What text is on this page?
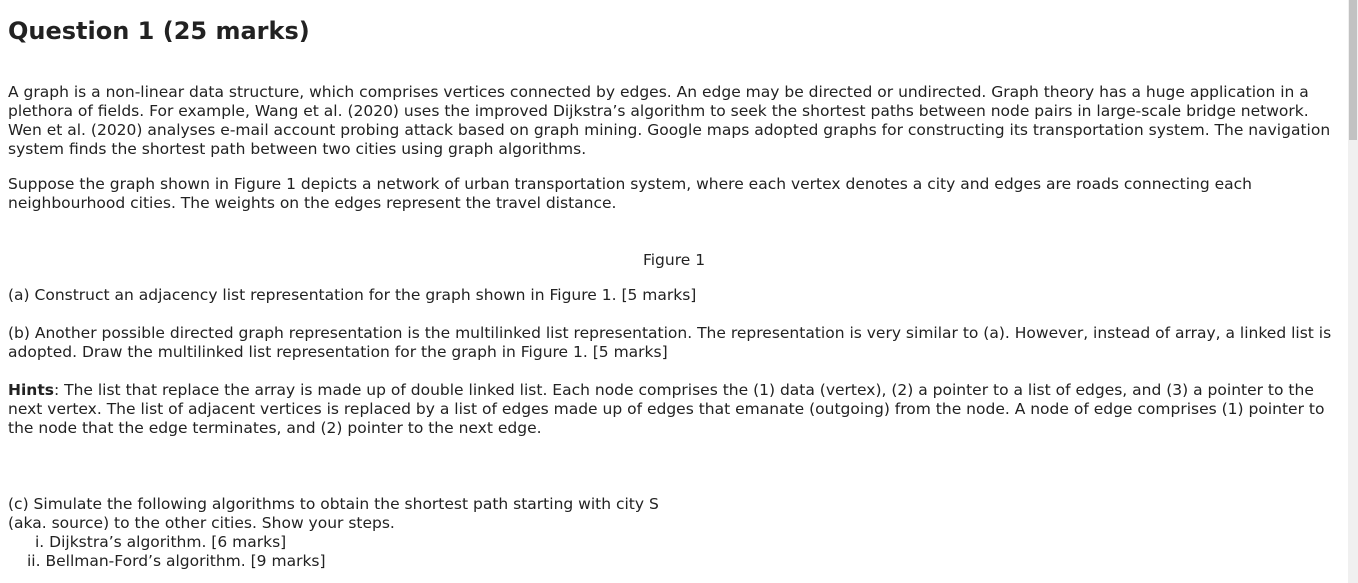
Question 1 (25 marks)

A graph is a non-linear data structure, which comprises vertices connected by edges. An edge may be directed or undirected. Graph theory has a huge application in a plethora of fields. For example, Wang et al. (2020) uses the improved Dijkstra’s algorithm to seek the shortest paths between node pairs in large-scale bridge network. Wen et al. (2020) analyses e-mail account probing attack based on graph mining. Google maps adopted graphs for constructing its transportation system. The navigation system finds the shortest path between two cities using graph algorithms.

Suppose the graph shown in Figure 1 depicts a network of urban transportation system, where each vertex denotes a city and edges are roads connecting each neighbourhood cities. The weights on the edges represent the travel distance.

Figure 1

(a) Construct an adjacency list representation for the graph shown in Figure 1. [5 marks]

(b) Another possible directed graph representation is the multilinked list representation. The representation is very similar to (a). However, instead of array, a linked list is adopted. Draw the multilinked list representation for the graph in Figure 1. [5 marks]

Hints: The list that replace the array is made up of double linked list. Each node comprises the (1) data (vertex), (2) a pointer to a list of edges, and (3) a pointer to the next vertex. The list of adjacent vertices is replaced by a list of edges made up of edges that emanate (outgoing) from the node. A node of edge comprises (1) pointer to the node that the edge terminates, and (2) pointer to the next edge.

(c) Simulate the following algorithms to obtain the shortest path starting with city S
(aka. source) to the other cities. Show your steps.
i. Dijkstra’s algorithm. [6 marks]
ii. Bellman-Ford’s algorithm. [9 marks]
